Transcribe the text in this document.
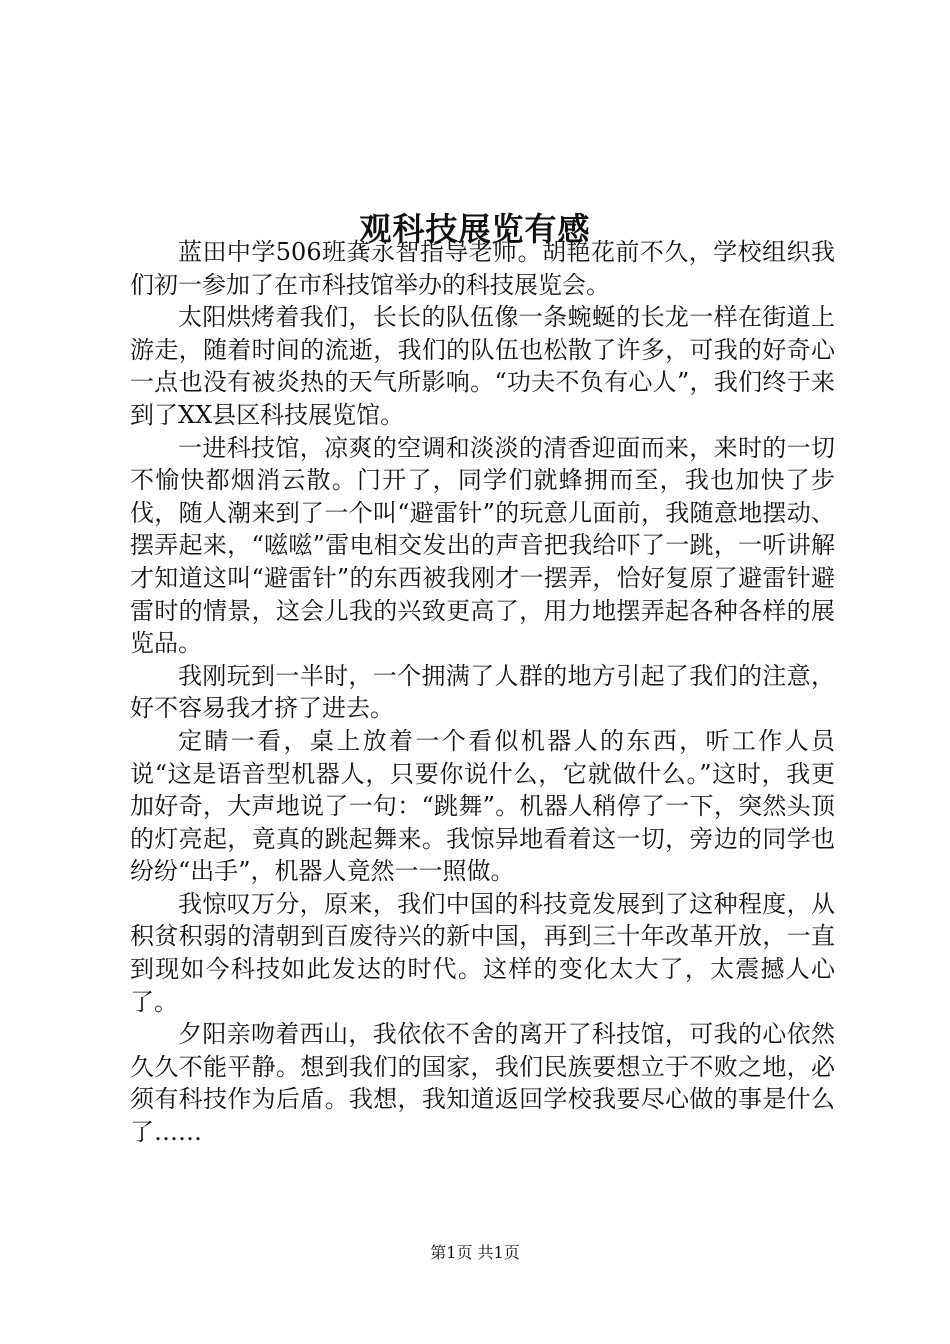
观科技展览有感

蓝田中学506班龚永智指导老师。胡艳花前不久，学校组织我们初一参加了在市科技馆举办的科技展览会。

太阳烘烤着我们，长长的队伍像一条蜿蜒的长龙一样在街道上游走，随着时间的流逝，我们的队伍也松散了许多，可我的好奇心一点也没有被炎热的天气所影响。“功夫不负有心人”，我们终于来到了XX县区科技展览馆。

一进科技馆，凉爽的空调和淡淡的清香迎面而来，来时的一切不愉快都烟消云散。门开了，同学们就蜂拥而至，我也加快了步伐，随人潮来到了一个叫“避雷针”的玩意儿面前，我随意地摆动、摆弄起来，“嗞嗞”雷电相交发出的声音把我给吓了一跳，一听讲解才知道这叫“避雷针”的东西被我刚才一摆弄，恰好复原了避雷针避雷时的情景，这会儿我的兴致更高了，用力地摆弄起各种各样的展览品。

我刚玩到一半时，一个拥满了人群的地方引起了我们的注意，好不容易我才挤了进去。

定睛一看，桌上放着一个看似机器人的东西，听工作人员说“这是语音型机器人，只要你说什么，它就做什么。”这时，我更加好奇，大声地说了一句：“跳舞”。机器人稍停了一下，突然头顶的灯亮起，竟真的跳起舞来。我惊异地看着这一切，旁边的同学也纷纷“出手”，机器人竟然一一照做。

我惊叹万分，原来，我们中国的科技竟发展到了这种程度，从积贫积弱的清朝到百废待兴的新中国，再到三十年改革开放，一直到现如今科技如此发达的时代。这样的变化太大了，太震撼人心了。

夕阳亲吻着西山，我依依不舍的离开了科技馆，可我的心依然久久不能平静。想到我们的国家，我们民族要想立于不败之地，必须有科技作为后盾。我想，我知道返回学校我要尽心做的事是什么了……

第1页 共1页
